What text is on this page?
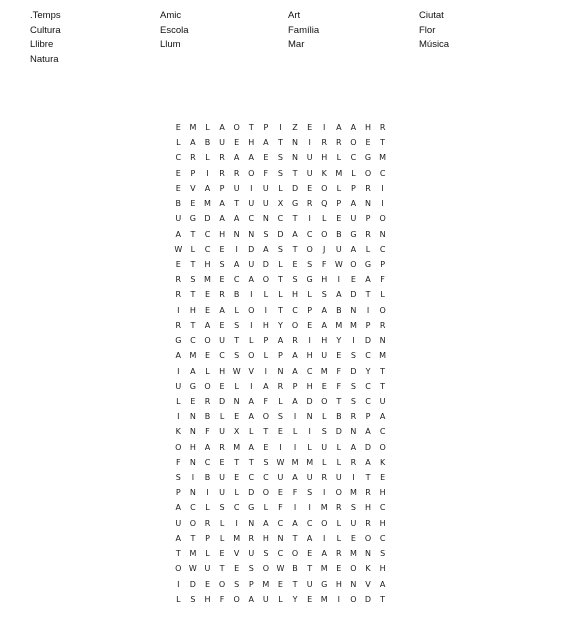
.Temps	Amic	Art	Ciutat
Cultura	Escola	Família	Flor
Llibre	Llum	Mar	Música
Natura
E	M	L	A	O	T	P	I	Z	E	I	A	A	H	R
L	A	B	U	E	H	A	T	N	I	R	R	O	E	T
C	R	L	R	A	A	E	S	N	U	H	L	C	G	M
E	P	I	R	R	O	F	S	T	U	K	M	L	O	C
E	V	A	P	U	I	U	L	D	E	O	L	P	R	I
B	E	M	A	T	U	U	X	G	R	Q	P	A	N	I
U	G	D	A	A	C	N	C	T	I	L	E	U	P	O
A	T	C	H	N	N	S	D	A	C	O	B	G	R	N
W	L	C	E	I	D	A	S	T	O	J	U	A	L	C
E	T	H	S	A	U	D	L	E	S	F	W O	G	P
R	S	M	E	C	A	O	T	S	G	H	I	E	A	F
R	T	E	R	B	I	L	L	H	L	S	A	D	T	L
I	H	E	A	L	O	I	T	C	P	A	B	N	I	O
R	T	A	E	S	I	H	Y	O	E	A	M M	P	R
G	C	O	U	T	L	P	A	R	I	H	Y	I	D	N
A	M	E	C	S	O	L	P	A	H	U	E	S	C	M
I	A	L	H W V	I	N	A	C	M	F	D	Y	T
U	G	O	E	L	I	A	R	P	H	E	F	S	C	T
L	E	R	D	N	A	F	L	A	D	O	T	S	C	U
I	N	B	L	E	A	O	S	I	N	L	B	R	P	A
K	N	F	U	X	L	T	E	L	I	S	D	N	A	C
O	H	A	R	M	A	E	I	I	L	U	L	A	D	O
F	N	C	E	T	T	S	W M M	L	L	R	A	K
S	I	B	U	E	C	C	U	A	U	R	U	I	T	E
P	N	I	U	L	D	O	E	F	S	I	O	M	R	H
A	C	L	S	C	G	L	F	I	I	M	R	S	H	C
U	O	R	L	I	N	A	C	A	C	O	L	U	R	H
A	T	P	L	M	R	H	N	T	A	I	L	E	O	C
T	M	L	E	V	U	S	C	O	E	A	R	M	N	S
O W U	T	E	S	O W B	T	M	E	O	K	H
I	D	E	O	S	P	M	E	T	U	G	H	N	V	A
L	S	H	F	O	A	U	L	Y	E	M	I	O	D	T
